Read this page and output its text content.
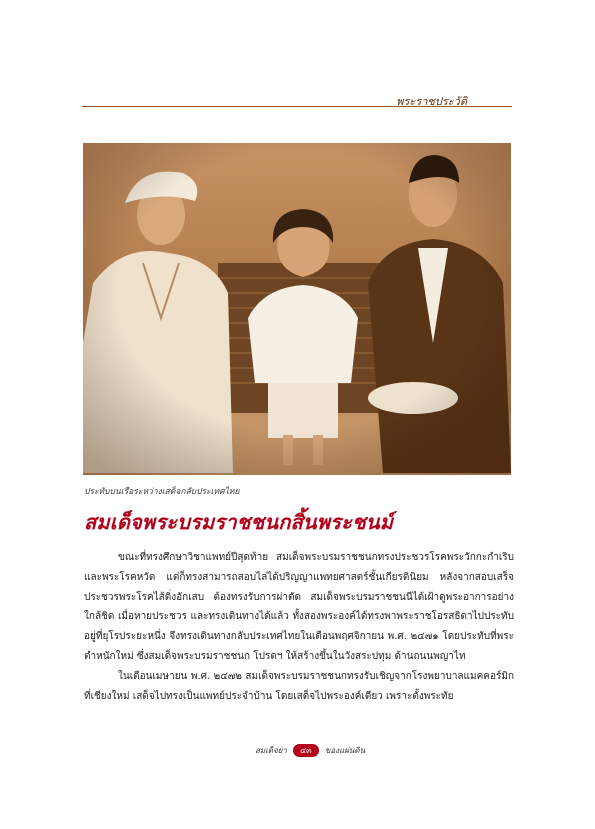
พระราชประวัติ
ประทับบนเรือระหว่างเสด็จกลับประเทศไทย
สมเด็จพระบรมราชชนกสิ้นพระชนม์

ขณะที่ทรงศึกษาวิชาแพทย์ปีสุดท้าย สมเด็จพระบรมราชชนกทรงประชวรโรคพระวักกะกำเริบและพระโรคหวัด แต่ก็ทรงสามารถสอบไล่ได้ปริญญาแพทยศาสตร์ชั้นเกียรตินิยม หลังจากสอบเสร็จ ประชวรพระโรคไส้ติ่งอักเสบ ต้องทรงรับการผ่าตัด สมเด็จพระบรมราชชนนีได้เฝ้าดูพระอาการอย่างใกล้ชิด เมื่อหายประชวร และทรงเดินทางได้แล้ว ทั้งสองพระองค์ได้ทรงพาพระราชโอรสธิดาไปประทับอยู่ที่ยุโรประยะหนึ่ง จึงทรงเดินทางกลับประเทศไทยในเดือนพฤศจิกายน พ.ศ. ๒๔๗๑ โดยประทับที่พระตำหนักใหม่ ซึ่งสมเด็จพระบรมราชชนก โปรดฯ ให้สร้างขึ้นในวังสระปทุม ด้านถนนพญาไท

ในเดือนเมษายน พ.ศ. ๒๔๗๒ สมเด็จพระบรมราชชนกทรงรับเชิญจากโรงพยาบาลแมคคอร์มิก ที่เชียงใหม่ เสด็จไปทรงเป็นแพทย์ประจำบ้าน โดยเสด็จไปพระองค์เดียว เพราะตั้งพระทัย

สมเด็จย่า	๔๓	ของแผ่นดิน
